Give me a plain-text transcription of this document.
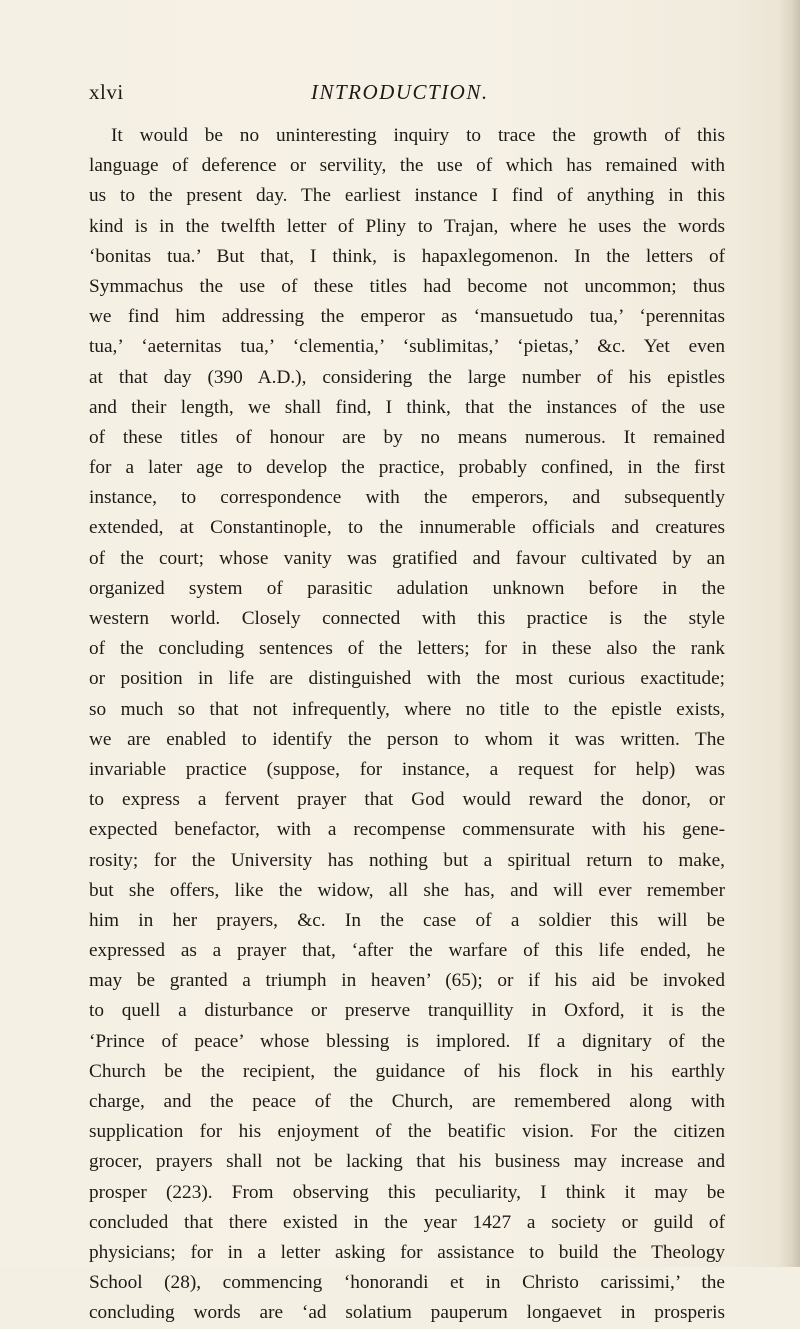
xlvi	INTRODUCTION.
It would be no uninteresting inquiry to trace the growth of this
language of deference or servility, the use of which has remained with
us to the present day. The earliest instance I find of anything in this
kind is in the twelfth letter of Pliny to Trajan, where he uses the words
‘bonitas tua.’ But that, I think, is hapaxlegomenon. In the letters of
Symmachus the use of these titles had become not uncommon; thus
we find him addressing the emperor as ‘mansuetudo tua,’ ‘perennitas
tua,’ ‘aeternitas tua,’ ‘clementia,’ ‘sublimitas,’ ‘pietas,’ &c. Yet even
at that day (390 A.D.), considering the large number of his epistles
and their length, we shall find, I think, that the instances of the use
of these titles of honour are by no means numerous. It remained
for a later age to develop the practice, probably confined, in the first
instance, to correspondence with the emperors, and subsequently
extended, at Constantinople, to the innumerable officials and creatures
of the court; whose vanity was gratified and favour cultivated by an
organized system of parasitic adulation unknown before in the
western world. Closely connected with this practice is the style
of the concluding sentences of the letters; for in these also the rank
or position in life are distinguished with the most curious exactitude;
so much so that not infrequently, where no title to the epistle exists,
we are enabled to identify the person to whom it was written. The
invariable practice (suppose, for instance, a request for help) was
to express a fervent prayer that God would reward the donor, or
expected benefactor, with a recompense commensurate with his gene-
rosity; for the University has nothing but a spiritual return to make,
but she offers, like the widow, all she has, and will ever remember
him in her prayers, &c. In the case of a soldier this will be
expressed as a prayer that, ‘after the warfare of this life ended, he
may be granted a triumph in heaven’ (65); or if his aid be invoked
to quell a disturbance or preserve tranquillity in Oxford, it is the
‘Prince of peace’ whose blessing is implored. If a dignitary of the
Church be the recipient, the guidance of his flock in his earthly
charge, and the peace of the Church, are remembered along with
supplication for his enjoyment of the beatific vision. For the citizen
grocer, prayers shall not be lacking that his business may increase and
prosper (223). From observing this peculiarity, I think it may be
concluded that there existed in the year 1427 a society or guild of
physicians; for in a letter asking for assistance to build the Theology
School (28), commencing ‘honorandi et in Christo carissimi,’ the
concluding words are ‘ad solatium pauperum longaevet in prosperis
